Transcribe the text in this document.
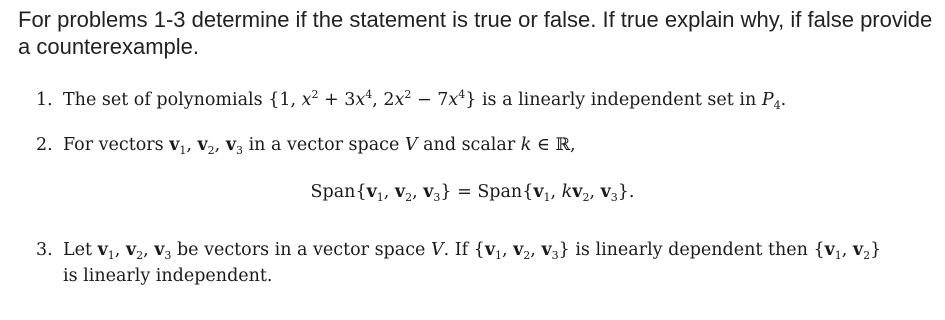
For problems 1-3 determine if the statement is true or false. If true explain why, if false provide a counterexample.

1. The set of polynomials {1, $x^2 + 3x^4$, $2x^2 - 7x^4$} is a linearly independent set in $P_4$.
2. For vectors $v_1$, $v_2$, $v_3$ in a vector space V and scalar k ∈ ℝ,
$Span\{v_1$, $v_2$, $v_3$} = $Span\{v_1$, $kv_2$, $v_3$}.
3. Let $v_1$, $v_2$, $v_3$ be vectors in a vector space V. If {$v_1$, $v_2$, $v_3$} is linearly dependent then {$v_1$, $v_2$}
is linearly independent.
